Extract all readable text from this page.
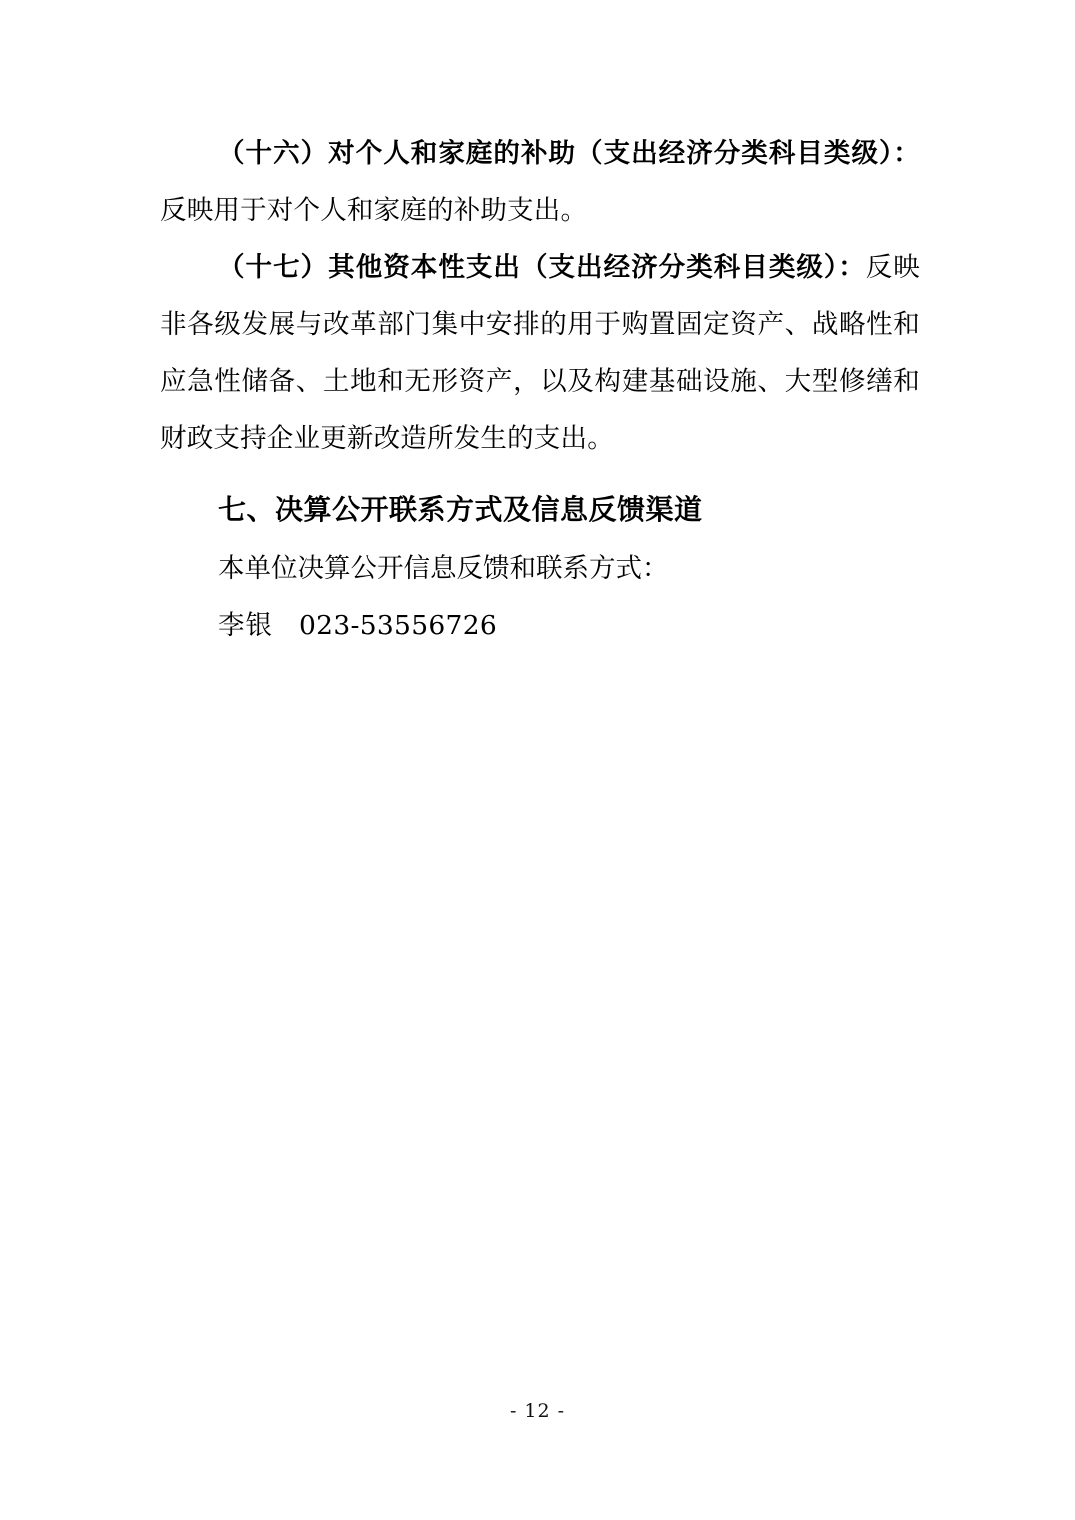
（十六）对个人和家庭的补助（支出经济分类科目类级）：反映用于对个人和家庭的补助支出。

（十七）其他资本性支出（支出经济分类科目类级）：反映非各级发展与改革部门集中安排的用于购置固定资产、战略性和应急性储备、土地和无形资产，以及构建基础设施、大型修缮和财政支持企业更新改造所发生的支出。

七、决算公开联系方式及信息反馈渠道

本单位决算公开信息反馈和联系方式：

李银 023-53556726

- 12 -
